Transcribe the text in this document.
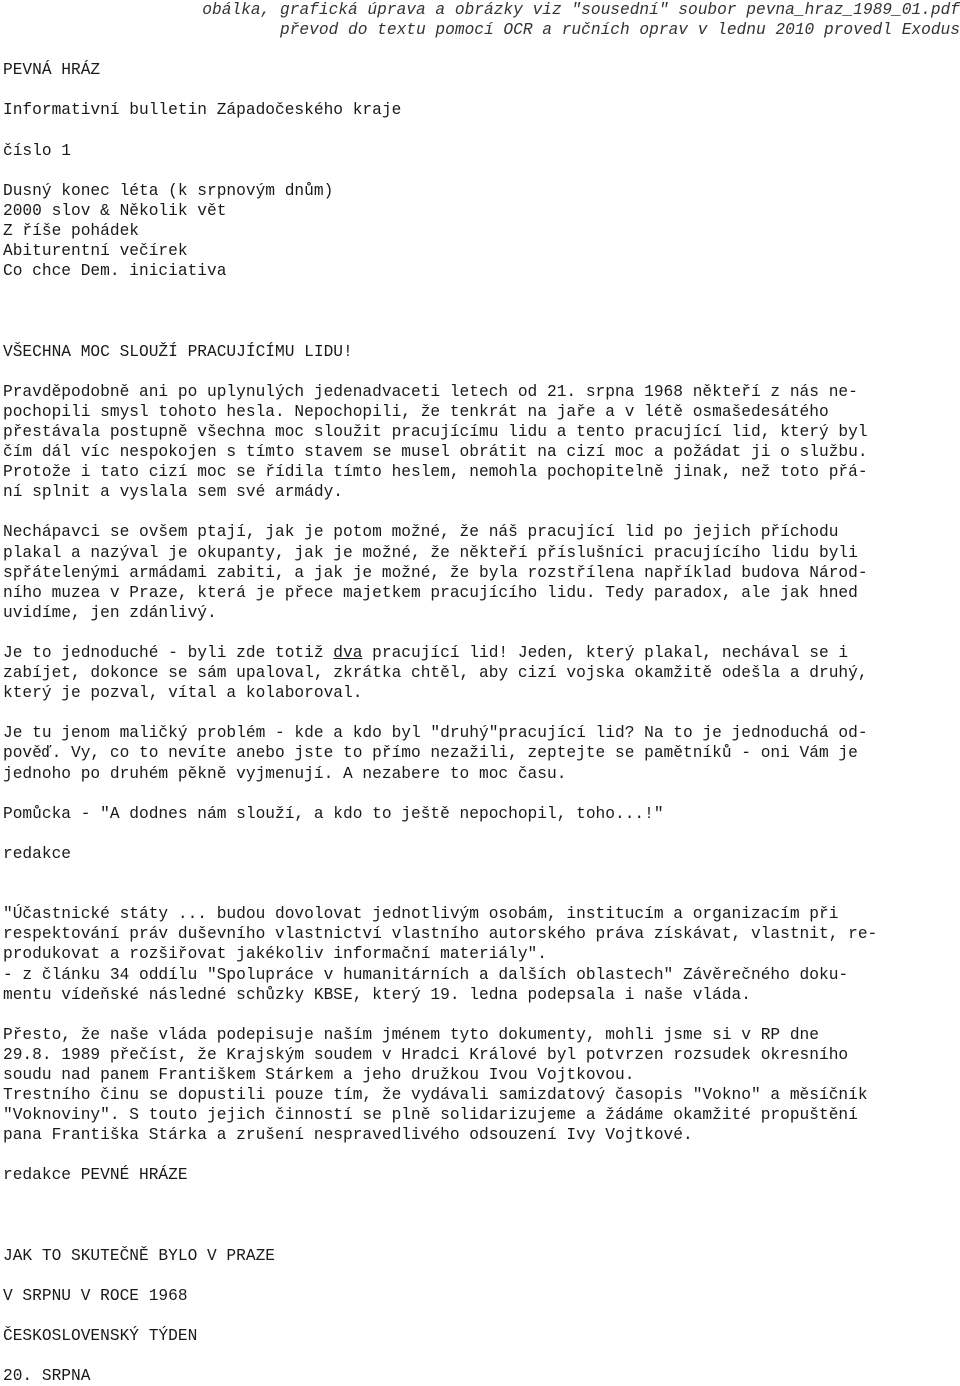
obálka, grafická úprava a obrázky viz "sousední" soubor pevna_hraz_1989_01.pdf
převod do textu pomocí OCR a ručních oprav v lednu 2010 provedl Exodus
PEVNÁ HRÁZ
Informativní bulletin Západočeského kraje
číslo 1
Dusný konec léta (k srpnovým dnům)
2000 slov & Několik vět
Z říše pohádek
Abiturentní večírek
Co chce Dem. iniciativa
VŠECHNA MOC SLOUŽÍ PRACUJÍCÍMU LIDU!
Pravděpodobně ani po uplynulých jedenadvaceti letech od 21. srpna 1968 někteří z nás ne-
pochopili smysl tohoto hesla. Nepochopili, že tenkrát na jaře a v létě osmašedesátého
přestávala postupně všechna moc sloužit pracujícímu lidu a tento pracující lid, který byl
čím dál víc nespokojen s tímto stavem se musel obrátit na cizí moc a požádat ji o službu.
Protože i tato cizí moc se řídila tímto heslem, nemohla pochopitelně jinak, než toto přá-
ní splnit a vyslala sem své armády.
Nechápavci se ovšem ptají, jak je potom možné, že náš pracující lid po jejich příchodu
plakal a nazýval je okupanty, jak je možné, že někteří příslušníci pracujícího lidu byli
spřátelenými armádami zabiti, a jak je možné, že byla rozstřílena například budova Národ-
ního muzea v Praze, která je přece majetkem pracujícího lidu. Tedy paradox, ale jak hned
uvidíme, jen zdánlivý.
Je to jednoduché - byli zde totiž dva pracující lid! Jeden, který plakal, nechával se i
zabíjet, dokonce se sám upaloval, zkrátka chtěl, aby cizí vojska okamžitě odešla a druhý,
který je pozval, vítal a kolaboroval.
Je tu jenom maličký problém - kde a kdo byl "druhý"pracující lid? Na to je jednoduchá od-
pověď. Vy, co to nevíte anebo jste to přímo nezažili, zeptejte se pamětníků - oni Vám je
jednoho po druhém pěkně vyjmenují. A nezabere to moc času.
Pomůcka - "A dodnes nám slouží, a kdo to ještě nepochopil, toho...!"
redakce
"Účastnické státy ... budou dovolovat jednotlivým osobám, institucím a organizacím při
respektování práv duševního vlastnictví vlastního autorského práva získávat, vlastnit, re-
produkovat a rozšiřovat jakékoliv informační materiály".
- z článku 34 oddílu "Spolupráce v humanitárních a dalších oblastech" Závěrečného doku-
mentu vídeňské následné schůzky KBSE, který 19. ledna podepsala i naše vláda.
Přesto, že naše vláda podepisuje naším jménem tyto dokumenty, mohli jsme si v RP dne
29.8. 1989 přečíst, že Krajským soudem v Hradci Králové byl potvrzen rozsudek okresního
soudu nad panem Františkem Stárkem a jeho družkou Ivou Vojtkovou.
Trestního činu se dopustili pouze tím, že vydávali samizdatový časopis "Vokno" a měsíčník
"Voknoviny". S touto jejich činností se plně solidarizujeme a žádáme okamžité propuštění
pana Františka Stárka a zrušení nespravedlivého odsouzení Ivy Vojtkové.
redakce PEVNÉ HRÁZE
JAK TO SKUTEČNĚ BYLO V PRAZE
V SRPNU V ROCE 1968
ČESKOSLOVENSKÝ TÝDEN
20. SRPNA
